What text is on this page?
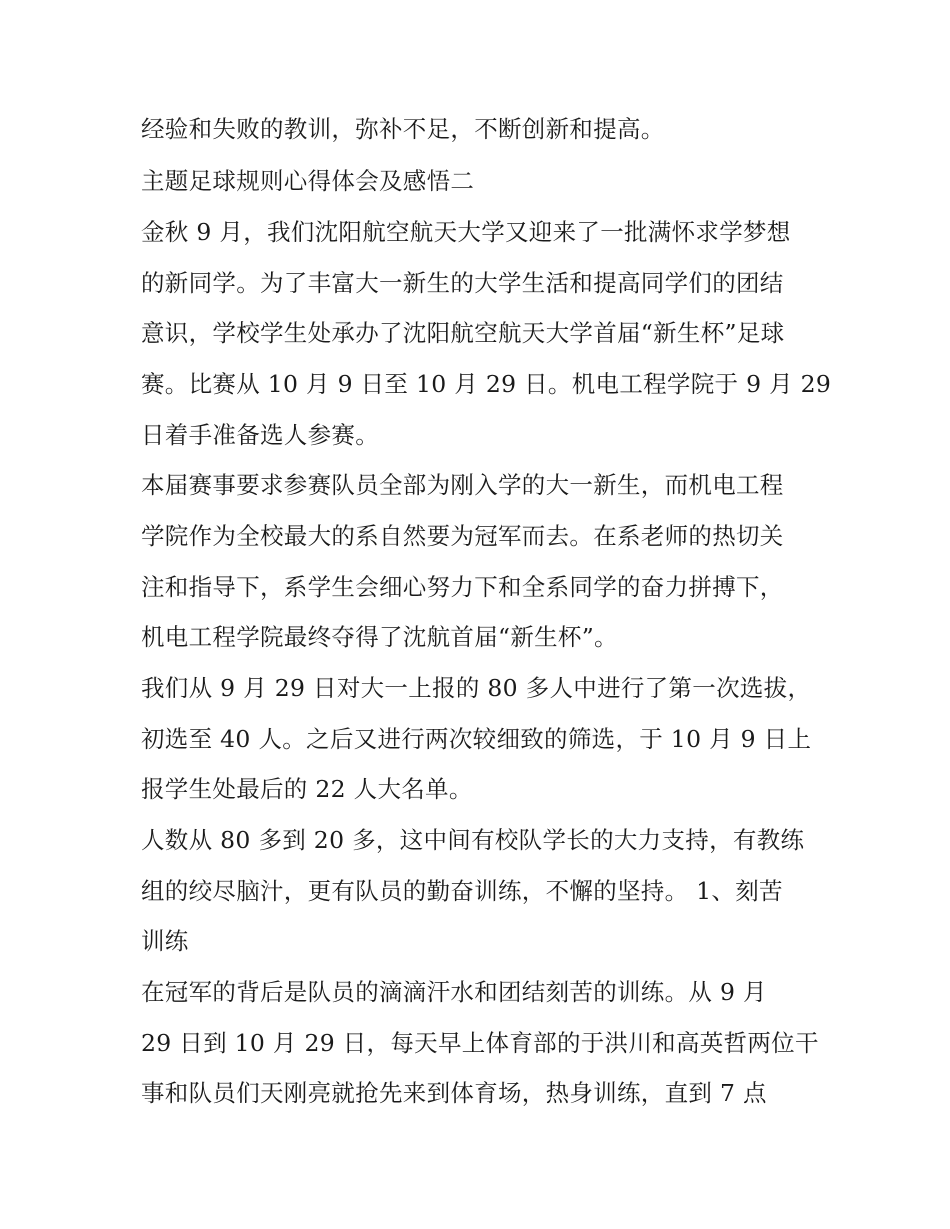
经验和失败的教训，弥补不足，不断创新和提高。
主题足球规则心得体会及感悟二
金秋 9 月，我们沈阳航空航天大学又迎来了一批满怀求学梦想
的新同学。为了丰富大一新生的大学生活和提高同学们的团结
意识，学校学生处承办了沈阳航空航天大学首届“新生杯”足球
赛。比赛从 10 月 9 日至 10 月 29 日。机电工程学院于 9 月 29
日着手准备选人参赛。
本届赛事要求参赛队员全部为刚入学的大一新生，而机电工程
学院作为全校最大的系自然要为冠军而去。在系老师的热切关
注和指导下，系学生会细心努力下和全系同学的奋力拼搏下，
机电工程学院最终夺得了沈航首届“新生杯”。
我们从 9 月 29 日对大一上报的 80 多人中进行了第一次选拔，
初选至 40 人。之后又进行两次较细致的筛选，于 10 月 9 日上
报学生处最后的 22 人大名单。
人数从 80 多到 20 多，这中间有校队学长的大力支持，有教练
组的绞尽脑汁，更有队员的勤奋训练，不懈的坚持。 1、刻苦
训练
在冠军的背后是队员的滴滴汗水和团结刻苦的训练。从 9 月
29 日到 10 月 29 日，每天早上体育部的于洪川和高英哲两位干
事和队员们天刚亮就抢先来到体育场，热身训练，直到 7 点
